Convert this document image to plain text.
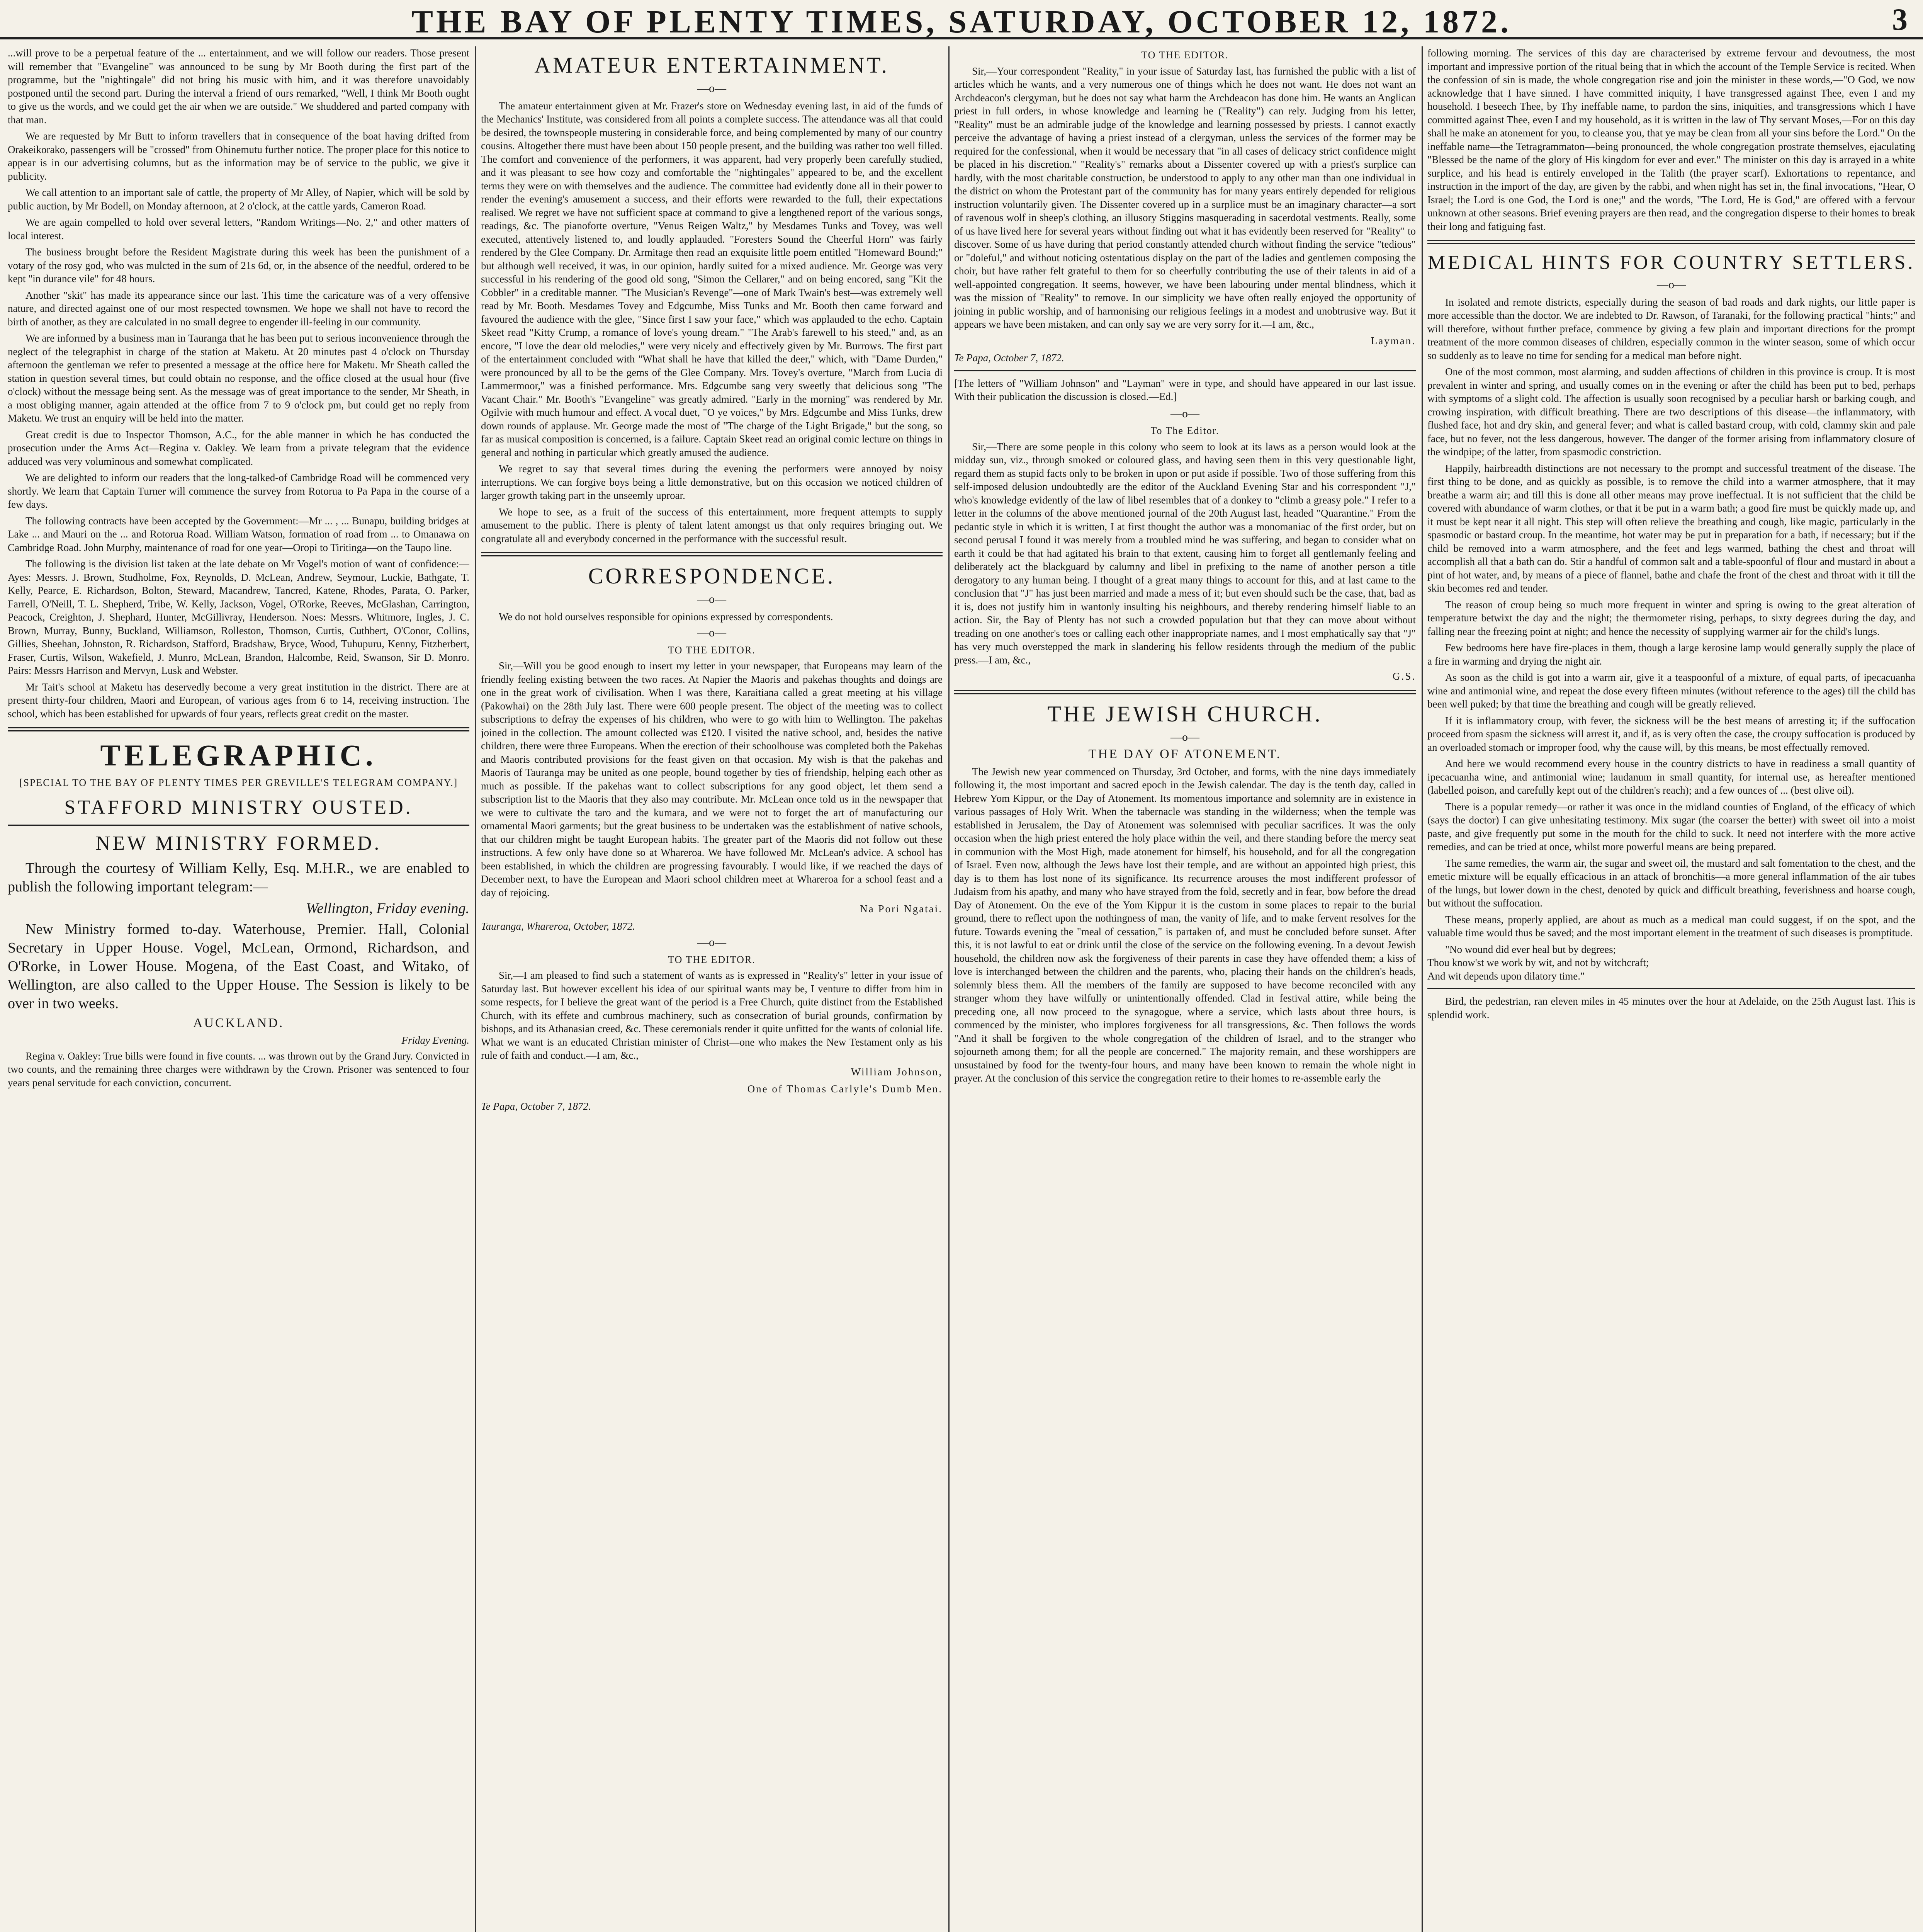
THE BAY OF PLENTY TIMES, SATURDAY, OCTOBER 12, 1872.	3

...will prove to be a perpetual feature of the ... entertainment, and we will follow our readers. Those present will remember that "Evangeline" was announced to be sung by Mr Booth during the first part of the programme, but the "nightingale" did not bring his music with him, and it was therefore unavoidably postponed until the second part. During the interval a friend of ours remarked, "Well, I think Mr Booth ought to give us the words, and we could get the air when we are outside." We shuddered and parted company with that man.

We are requested by Mr Butt to inform travellers that in consequence of the boat having drifted from Orakeikorako, passengers will be "crossed" from Ohinemutu further notice. The proper place for this notice to appear is in our advertising columns, but as the information may be of service to the public, we give it publicity.

We call attention to an important sale of cattle, the property of Mr Alley, of Napier, which will be sold by public auction, by Mr Bodell, on Monday afternoon, at 2 o'clock, at the cattle yards, Cameron Road.

We are again compelled to hold over several letters, "Random Writings—No. 2," and other matters of local interest.

The business brought before the Resident Magistrate during this week has been the punishment of a votary of the rosy god, who was mulcted in the sum of 21s 6d, or, in the absence of the needful, ordered to be kept "in durance vile" for 48 hours.

Another "skit" has made its appearance since our last. This time the caricature was of a very offensive nature, and directed against one of our most respected townsmen. We hope we shall not have to record the birth of another, as they are calculated in no small degree to engender ill-feeling in our community.

We are informed by a business man in Tauranga that he has been put to serious inconvenience through the neglect of the telegraphist in charge of the station at Maketu. At 20 minutes past 4 o'clock on Thursday afternoon the gentleman we refer to presented a message at the office here for Maketu. Mr Sheath called the station in question several times, but could obtain no response, and the office closed at the usual hour (five o'clock) without the message being sent. As the message was of great importance to the sender, Mr Sheath, in a most obliging manner, again attended at the office from 7 to 9 o'clock pm, but could get no reply from Maketu. We trust an enquiry will be held into the matter.

Great credit is due to Inspector Thomson, A.C., for the able manner in which he has conducted the prosecution under the Arms Act—Regina v. Oakley. We learn from a private telegram that the evidence adduced was very voluminous and somewhat complicated.

We are delighted to inform our readers that the long-talked-of Cambridge Road will be commenced very shortly. We learn that Captain Turner will commence the survey from Rotorua to Pa Papa in the course of a few days.

The following contracts have been accepted by the Government:—Mr ... , ... Bunapu, building bridges at Lake ... and Mauri on the ... and Rotorua Road. William Watson, formation of road from ... to Omanawa on Cambridge Road. John Murphy, maintenance of road for one year—Oropi to Tiritinga—on the Taupo line.

The following is the division list taken at the late debate on Mr Vogel's motion of want of confidence:—Ayes: Messrs. J. Brown, Studholme, Fox, Reynolds, D. McLean, Andrew, Seymour, Luckie, Bathgate, T. Kelly, Pearce, E. Richardson, Bolton, Steward, Macandrew, Tancred, Katene, Rhodes, Parata, O. Parker, Farrell, O'Neill, T. L. Shepherd, Tribe, W. Kelly, Jackson, Vogel, O'Rorke, Reeves, McGlashan, Carrington, Peacock, Creighton, J. Shephard, Hunter, McGillivray, Henderson. Noes: Messrs. Whitmore, Ingles, J. C. Brown, Murray, Bunny, Buckland, Williamson, Rolleston, Thomson, Curtis, Cuthbert, O'Conor, Collins, Gillies, Sheehan, Johnston, R. Richardson, Stafford, Bradshaw, Bryce, Wood, Tuhupuru, Kenny, Fitzherbert, Fraser, Curtis, Wilson, Wakefield, J. Munro, McLean, Brandon, Halcombe, Reid, Swanson, Sir D. Monro. Pairs: Messrs Harrison and Mervyn, Lusk and Webster.

Mr Tait's school at Maketu has deservedly become a very great institution in the district. There are at present thirty-four children, Maori and European, of various ages from 6 to 14, receiving instruction. The school, which has been established for upwards of four years, reflects great credit on the master.

TELEGRAPHIC.
[SPECIAL TO THE BAY OF PLENTY TIMES PER GREVILLE'S TELEGRAM COMPANY.]
STAFFORD MINISTRY OUSTED.
NEW MINISTRY FORMED.

Through the courtesy of William Kelly, Esq. M.H.R., we are enabled to publish the following important telegram:—

Wellington, Friday evening.

New Ministry formed to-day. Waterhouse, Premier. Hall, Colonial Secretary in Upper House. Vogel, McLean, Ormond, Richardson, and O'Rorke, in Lower House. Mogena, of the East Coast, and Witako, of Wellington, are also called to the Upper House. The Session is likely to be over in two weeks.

AUCKLAND.
Friday Evening.

Regina v. Oakley: True bills were found in five counts. ... was thrown out by the Grand Jury. Convicted in two counts, and the remaining three charges were withdrawn by the Crown. Prisoner was sentenced to four years penal servitude for each conviction, concurrent.

AMATEUR ENTERTAINMENT.
—o—

The amateur entertainment given at Mr. Frazer's store on Wednesday evening last, in aid of the funds of the Mechanics' Institute, was considered from all points a complete success. The attendance was all that could be desired, the townspeople mustering in considerable force, and being complemented by many of our country cousins. Altogether there must have been about 150 people present, and the building was rather too well filled. The comfort and convenience of the performers, it was apparent, had very properly been carefully studied, and it was pleasant to see how cozy and comfortable the "nightingales" appeared to be, and the excellent terms they were on with themselves and the audience. The committee had evidently done all in their power to render the evening's amusement a success, and their efforts were rewarded to the full, their expectations realised. We regret we have not sufficient space at command to give a lengthened report of the various songs, readings, &c. The pianoforte overture, "Venus Reigen Waltz," by Mesdames Tunks and Tovey, was well executed, attentively listened to, and loudly applauded. "Foresters Sound the Cheerful Horn" was fairly rendered by the Glee Company. Dr. Armitage then read an exquisite little poem entitled "Homeward Bound;" but although well received, it was, in our opinion, hardly suited for a mixed audience. Mr. George was very successful in his rendering of the good old song, "Simon the Cellarer," and on being encored, sang "Kit the Cobbler" in a creditable manner. "The Musician's Revenge"—one of Mark Twain's best—was extremely well read by Mr. Booth. Mesdames Tovey and Edgcumbe, Miss Tunks and Mr. Booth then came forward and favoured the audience with the glee, "Since first I saw your face," which was applauded to the echo. Captain Skeet read "Kitty Crump, a romance of love's young dream." "The Arab's farewell to his steed," and, as an encore, "I love the dear old melodies," were very nicely and effectively given by Mr. Burrows. The first part of the entertainment concluded with "What shall he have that killed the deer," which, with "Dame Durden," were pronounced by all to be the gems of the Glee Company. Mrs. Tovey's overture, "March from Lucia di Lammermoor," was a finished performance. Mrs. Edgcumbe sang very sweetly that delicious song "The Vacant Chair." Mr. Booth's "Evangeline" was greatly admired. "Early in the morning" was rendered by Mr. Ogilvie with much humour and effect. A vocal duet, "O ye voices," by Mrs. Edgcumbe and Miss Tunks, drew down rounds of applause. Mr. George made the most of "The charge of the Light Brigade," but the song, so far as musical composition is concerned, is a failure. Captain Skeet read an original comic lecture on things in general and nothing in particular which greatly amused the audience.

We regret to say that several times during the evening the performers were annoyed by noisy interruptions. We can forgive boys being a little demonstrative, but on this occasion we noticed children of larger growth taking part in the unseemly uproar.

We hope to see, as a fruit of the success of this entertainment, more frequent attempts to supply amusement to the public. There is plenty of talent latent amongst us that only requires bringing out. We congratulate all and everybody concerned in the performance with the successful result.

CORRESPONDENCE.
—o—

We do not hold ourselves responsible for opinions expressed by correspondents.

—o—
TO THE EDITOR.

Sir,—Will you be good enough to insert my letter in your newspaper, that Europeans may learn of the friendly feeling existing between the two races. At Napier the Maoris and pakehas thoughts and doings are one in the great work of civilisation. When I was there, Karaitiana called a great meeting at his village (Pakowhai) on the 28th July last. There were 600 people present. The object of the meeting was to collect subscriptions to defray the expenses of his children, who were to go with him to Wellington. The pakehas joined in the collection. The amount collected was £120. I visited the native school, and, besides the native children, there were three Europeans. When the erection of their schoolhouse was completed both the Pakehas and Maoris contributed provisions for the feast given on that occasion. My wish is that the pakehas and Maoris of Tauranga may be united as one people, bound together by ties of friendship, helping each other as much as possible. If the pakehas want to collect subscriptions for any good object, let them send a subscription list to the Maoris that they also may contribute. Mr. McLean once told us in the newspaper that we were to cultivate the taro and the kumara, and we were not to forget the art of manufacturing our ornamental Maori garments; but the great business to be undertaken was the establishment of native schools, that our children might be taught European habits. The greater part of the Maoris did not follow out these instructions. A few only have done so at Wharerоa. We have followed Mr. McLean's advice. A school has been established, in which the children are progressing favourably. I would like, if we reached the days of December next, to have the European and Maori school children meet at Wharerоa for a school feast and a day of rejoicing.

Na Pori Ngatai.
Tauranga, Wharerоa, October, 1872.
—o—
TO THE EDITOR.

Sir,—I am pleased to find such a statement of wants as is expressed in "Reality's" letter in your issue of Saturday last. But however excellent his idea of our spiritual wants may be, I venture to differ from him in some respects, for I believe the great want of the period is a Free Church, quite distinct from the Established Church, with its effete and cumbrous machinery, such as consecration of burial grounds, confirmation by bishops, and its Athanasian creed, &c. These ceremonials render it quite unfitted for the wants of colonial life. What we want is an educated Christian minister of Christ—one who makes the New Testament only as his rule of faith and conduct.—I am, &c.,

William Johnson,
One of Thomas Carlyle's Dumb Men.
Te Papa, October 7, 1872.
TO THE EDITOR.

Sir,—Your correspondent "Reality," in your issue of Saturday last, has furnished the public with a list of articles which he wants, and a very numerous one of things which he does not want. He does not want an Archdeacon's clergyman, but he does not say what harm the Archdeacon has done him. He wants an Anglican priest in full orders, in whose knowledge and learning he ("Reality") can rely. Judging from his letter, "Reality" must be an admirable judge of the knowledge and learning possessed by priests. I cannot exactly perceive the advantage of having a priest instead of a clergyman, unless the services of the former may be required for the confessional, when it would be necessary that "in all cases of delicacy strict confidence might be placed in his discretion." "Reality's" remarks about a Dissenter covered up with a priest's surplice can hardly, with the most charitable construction, be understood to apply to any other man than one individual in the district on whom the Protestant part of the community has for many years entirely depended for religious instruction voluntarily given. The Dissenter covered up in a surplice must be an imaginary character—a sort of ravenous wolf in sheep's clothing, an illusory Stiggins masquerading in sacerdotal vestments. Really, some of us have lived here for several years without finding out what it has evidently been reserved for "Reality" to discover. Some of us have during that period constantly attended church without finding the service "tedious" or "doleful," and without noticing ostentatious display on the part of the ladies and gentlemen composing the choir, but have rather felt grateful to them for so cheerfully contributing the use of their talents in aid of a well-appointed congregation. It seems, however, we have been labouring under mental blindness, which it was the mission of "Reality" to remove. In our simplicity we have often really enjoyed the opportunity of joining in public worship, and of harmonising our religious feelings in a modest and unobtrusive way. But it appears we have been mistaken, and can only say we are very sorry for it.—I am, &c.,

Layman.
Te Papa, October 7, 1872.
[The letters of "William Johnson" and "Layman" were in type, and should have appeared in our last issue. With their publication the discussion is closed.—Ed.]
—o—
To The Editor.

Sir,—There are some people in this colony who seem to look at its laws as a person would look at the midday sun, viz., through smoked or coloured glass, and having seen them in this very questionable light, regard them as stupid facts only to be broken in upon or put aside if possible. Two of those suffering from this self-imposed delusion undoubtedly are the editor of the Auckland Evening Star and his correspondent "J," who's knowledge evidently of the law of libel resembles that of a donkey to "climb a greasy pole." I refer to a letter in the columns of the above mentioned journal of the 20th August last, headed "Quarantine." From the pedantic style in which it is written, I at first thought the author was a monomaniac of the first order, but on second perusal I found it was merely from a troubled mind he was suffering, and began to consider what on earth it could be that had agitated his brain to that extent, causing him to forget all gentlemanly feeling and deliberately act the blackguard by calumny and libel in prefixing to the name of another person a title derogatory to any human being. I thought of a great many things to account for this, and at last came to the conclusion that "J" has just been married and made a mess of it; but even should such be the case, that, bad as it is, does not justify him in wantonly insulting his neighbours, and thereby rendering himself liable to an action. Sir, the Bay of Plenty has not such a crowded population but that they can move about without treading on one another's toes or calling each other inappropriate names, and I most emphatically say that "J" has very much overstepped the mark in slandering his fellow residents through the medium of the public press.—I am, &c.,

G.S.
THE JEWISH CHURCH.
—o—
THE DAY OF ATONEMENT.

The Jewish new year commenced on Thursday, 3rd October, and forms, with the nine days immediately following it, the most important and sacred epoch in the Jewish calendar. The day is the tenth day, called in Hebrew Yom Kippur, or the Day of Atonement. Its momentous importance and solemnity are in existence in various passages of Holy Writ. When the tabernacle was standing in the wilderness; when the temple was established in Jerusalem, the Day of Atonement was solemnised with peculiar sacrifices. It was the only occasion when the high priest entered the holy place within the veil, and there standing before the mercy seat in communion with the Most High, made atonement for himself, his household, and for all the congregation of Israel. Even now, although the Jews have lost their temple, and are without an appointed high priest, this day is to them has lost none of its significance. Its recurrence arouses the most indifferent professor of Judaism from his apathy, and many who have strayed from the fold, secretly and in fear, bow before the dread Day of Atonement. On the eve of the Yom Kippur it is the custom in some places to repair to the burial ground, there to reflect upon the nothingness of man, the vanity of life, and to make fervent resolves for the future. Towards evening the "meal of cessation," is partaken of, and must be concluded before sunset. After this, it is not lawful to eat or drink until the close of the service on the following evening. In a devout Jewish household, the children now ask the forgiveness of their parents in case they have offended them; a kiss of love is interchanged between the children and the parents, who, placing their hands on the children's heads, solemnly bless them. All the members of the family are supposed to have become reconciled with any stranger whom they have wilfully or unintentionally offended. Clad in festival attire, while being the preceding one, all now proceed to the synagogue, where a service, which lasts about three hours, is commenced by the minister, who implores forgiveness for all transgressions, &c. Then follows the words "And it shall be forgiven to the whole congregation of the children of Israel, and to the stranger who sojourneth among them; for all the people are concerned." The majority remain, and these worshippers are unsustained by food for the twenty-four hours, and many have been known to remain the whole night in prayer. At the conclusion of this service the congregation retire to their homes to re-assemble early the

following morning. The services of this day are characterised by extreme fervour and devoutness, the most important and impressive portion of the ritual being that in which the account of the Temple Service is recited. When the confession of sin is made, the whole congregation rise and join the minister in these words,—"O God, we now acknowledge that I have sinned. I have committed iniquity, I have transgressed against Thee, even I and my household. I beseech Thee, by Thy ineffable name, to pardon the sins, iniquities, and transgressions which I have committed against Thee, even I and my household, as it is written in the law of Thy servant Moses,—For on this day shall he make an atonement for you, to cleanse you, that ye may be clean from all your sins before the Lord." On the ineffable name—the Tetragrammaton—being pronounced, the whole congregation prostrate themselves, ejaculating "Blessed be the name of the glory of His kingdom for ever and ever." The minister on this day is arrayed in a white surplice, and his head is entirely enveloped in the Talith (the prayer scarf). Exhortations to repentance, and instruction in the import of the day, are given by the rabbi, and when night has set in, the final invocations, "Hear, O Israel; the Lord is one God, the Lord is one;" and the words, "The Lord, He is God," are offered with a fervour unknown at other seasons. Brief evening prayers are then read, and the congregation disperse to their homes to break their long and fatiguing fast.

MEDICAL HINTS FOR COUNTRY SETTLERS.
—o—

In isolated and remote districts, especially during the season of bad roads and dark nights, our little paper is more accessible than the doctor. We are indebted to Dr. Rawson, of Taranaki, for the following practical "hints;" and will therefore, without further preface, commence by giving a few plain and important directions for the prompt treatment of the more common diseases of children, especially common in the winter season, some of which occur so suddenly as to leave no time for sending for a medical man before night.

One of the most common, most alarming, and sudden affections of children in this province is croup. It is most prevalent in winter and spring, and usually comes on in the evening or after the child has been put to bed, perhaps with symptoms of a slight cold. The affection is usually soon recognised by a peculiar harsh or barking cough, and crowing inspiration, with difficult breathing. There are two descriptions of this disease—the inflammatory, with flushed face, hot and dry skin, and general fever; and what is called bastard croup, with cold, clammy skin and pale face, but no fever, not the less dangerous, however. The danger of the former arising from inflammatory closure of the windpipe; of the latter, from spasmodic constriction.

Happily, hairbreadth distinctions are not necessary to the prompt and successful treatment of the disease. The first thing to be done, and as quickly as possible, is to remove the child into a warmer atmosphere, that it may breathe a warm air; and till this is done all other means may prove ineffectual. It is not sufficient that the child be covered with abundance of warm clothes, or that it be put in a warm bath; a good fire must be quickly made up, and it must be kept near it all night. This step will often relieve the breathing and cough, like magic, particularly in the spasmodic or bastard croup. In the meantime, hot water may be put in preparation for a bath, if necessary; but if the child be removed into a warm atmosphere, and the feet and legs warmed, bathing the chest and throat will accomplish all that a bath can do. Stir a handful of common salt and a table-spoonful of flour and mustard in about a pint of hot water, and, by means of a piece of flannel, bathe and chafe the front of the chest and throat with it till the skin becomes red and tender.

The reason of croup being so much more frequent in winter and spring is owing to the great alteration of temperature betwixt the day and the night; the thermometer rising, perhaps, to sixty degrees during the day, and falling near the freezing point at night; and hence the necessity of supplying warmer air for the child's lungs.

Few bedrooms here have fire-places in them, though a large kerosine lamp would generally supply the place of a fire in warming and drying the night air.

As soon as the child is got into a warm air, give it a teaspoonful of a mixture, of equal parts, of ipecacuanha wine and antimonial wine, and repeat the dose every fifteen minutes (without reference to the ages) till the child has been well puked; by that time the breathing and cough will be greatly relieved.

If it is inflammatory croup, with fever, the sickness will be the best means of arresting it; if the suffocation proceed from spasm the sickness will arrest it, and if, as is very often the case, the croupy suffocation is produced by an overloaded stomach or improper food, why the cause will, by this means, be most effectually removed.

And here we would recommend every house in the country districts to have in readiness a small quantity of ipecacuanha wine, and antimonial wine; laudanum in small quantity, for internal use, as hereafter mentioned (labelled poison, and carefully kept out of the children's reach); and a few ounces of ... (best olive oil).

There is a popular remedy—or rather it was once in the midland counties of England, of the efficacy of which (says the doctor) I can give unhesitating testimony. Mix sugar (the coarser the better) with sweet oil into a moist paste, and give frequently put some in the mouth for the child to suck. It need not interfere with the more active remedies, and can be tried at once, whilst more powerful means are being prepared.

The same remedies, the warm air, the sugar and sweet oil, the mustard and salt fomentation to the chest, and the emetic mixture will be equally efficacious in an attack of bronchitis—a more general inflammation of the air tubes of the lungs, but lower down in the chest, denoted by quick and difficult breathing, feverishness and hoarse cough, but without the suffocation.

These means, properly applied, are about as much as a medical man could suggest, if on the spot, and the valuable time would thus be saved; and the most important element in the treatment of such diseases is promptitude.

"No wound did ever heal but by degrees;
Thou know'st we work by wit, and not by witchcraft;
And wit depends upon dilatory time."

Bird, the pedestrian, ran eleven miles in 45 minutes over the hour at Adelaide, on the 25th August last. This is splendid work.
